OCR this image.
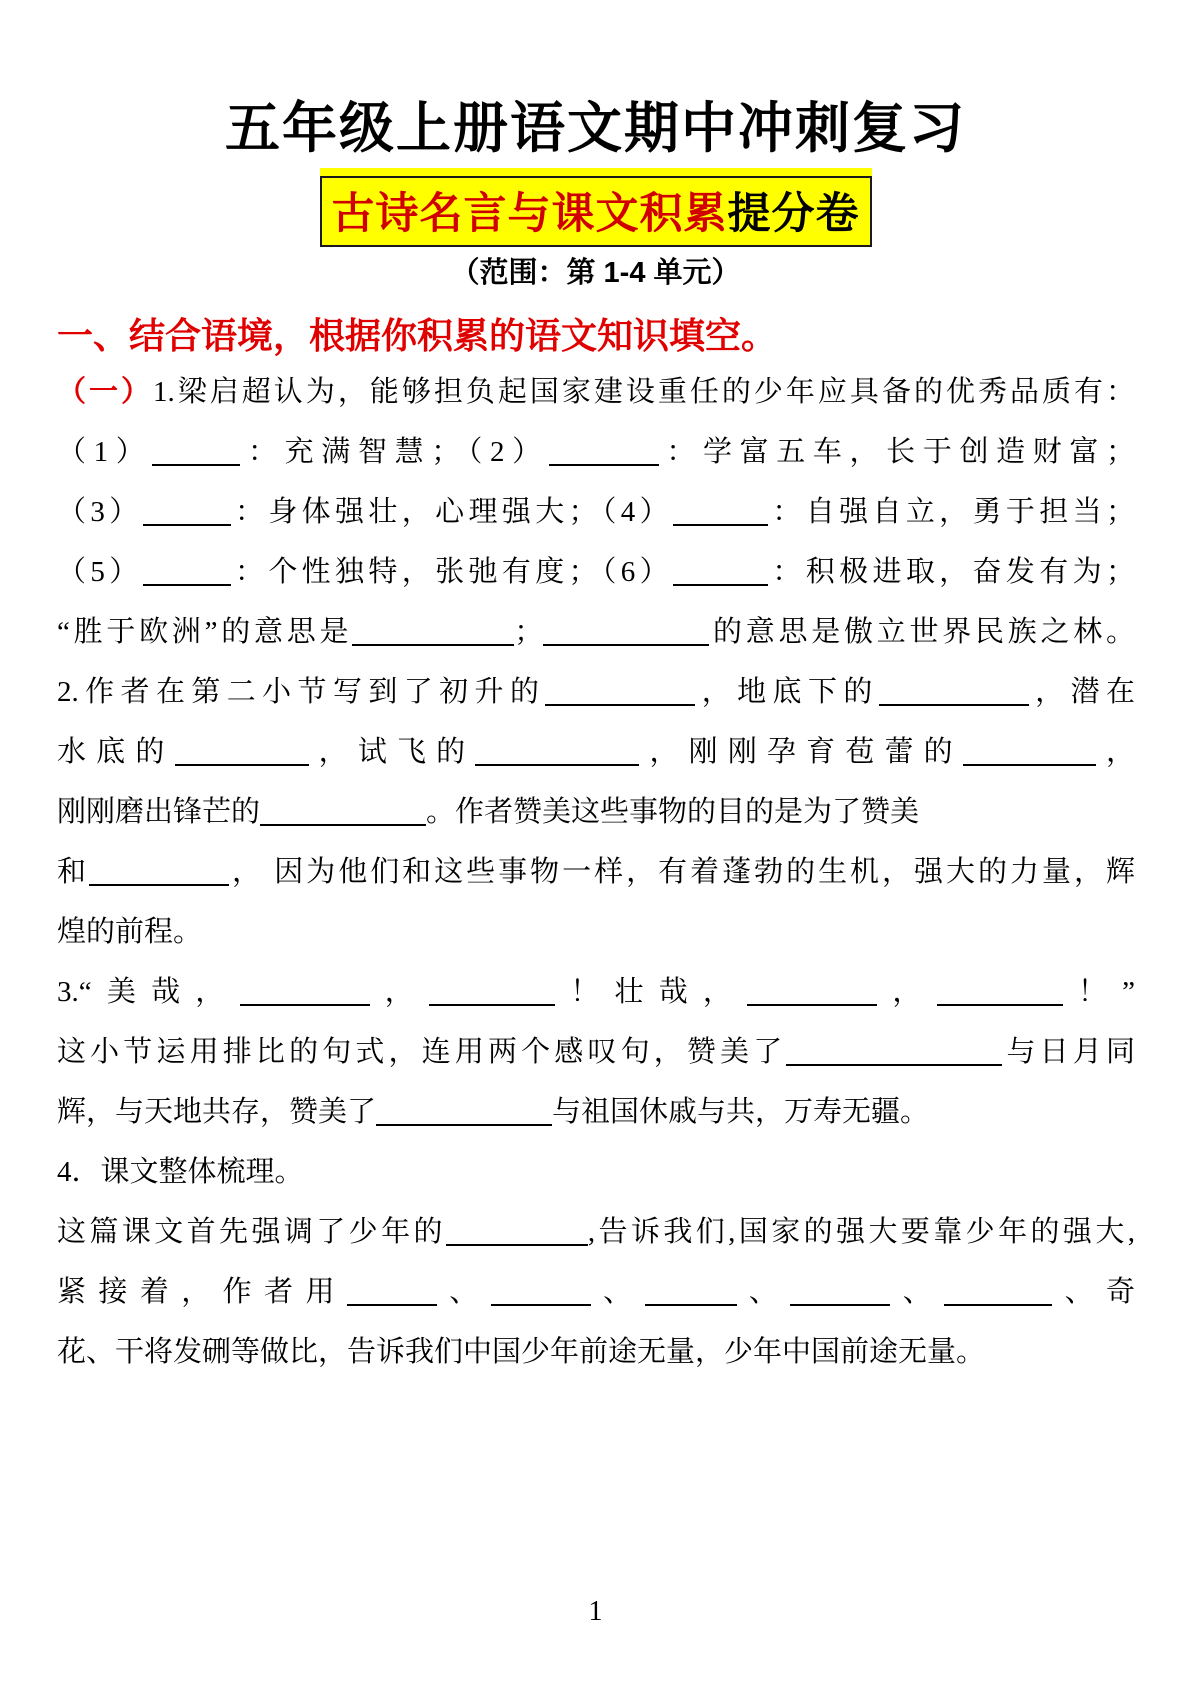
五年级上册语文期中冲刺复习
古诗名言与课文积累提分卷
（范围：第 1-4 单元）
一、结合语境，根据你积累的语文知识填空。
（一）1.梁启超认为，能够担负起国家建设重任的少年应具备的优秀品质有：
（1）	：充满智慧；（2）	：学富五车，长于创造财富；
（3）	：身体强壮，心理强大；（4）	：自强自立，勇于担当；
（5）	：个性独特，张弛有度；（6）	：积极进取，奋发有为；
“胜于欧洲”的意思是	；	的意思是傲立世界民族之林。
2.作者在第二小节写到了初升的	，地底下的	，潜在
水底的	，试飞的	，刚刚孕育苞蕾的	，
刚刚磨出锋芒的	。作者赞美这些事物的目的是为了赞美
和	， 因为他们和这些事物一样，有着蓬勃的生机，强大的力量，辉
煌的前程。
3.“美哉，	，	！壮哉，	，	！”
这小节运用排比的句式，连用两个感叹句，赞美了	与日月同
辉，与天地共存，赞美了	与祖国休戚与共，万寿无疆。
4．课文整体梳理。
这篇课文首先强调了少年的	,告诉我们,国家的强大要靠少年的强大,
紧接着，作者用	、	、	、	、	、奇
花、干将发硎等做比，告诉我们中国少年前途无量，少年中国前途无量。
1
